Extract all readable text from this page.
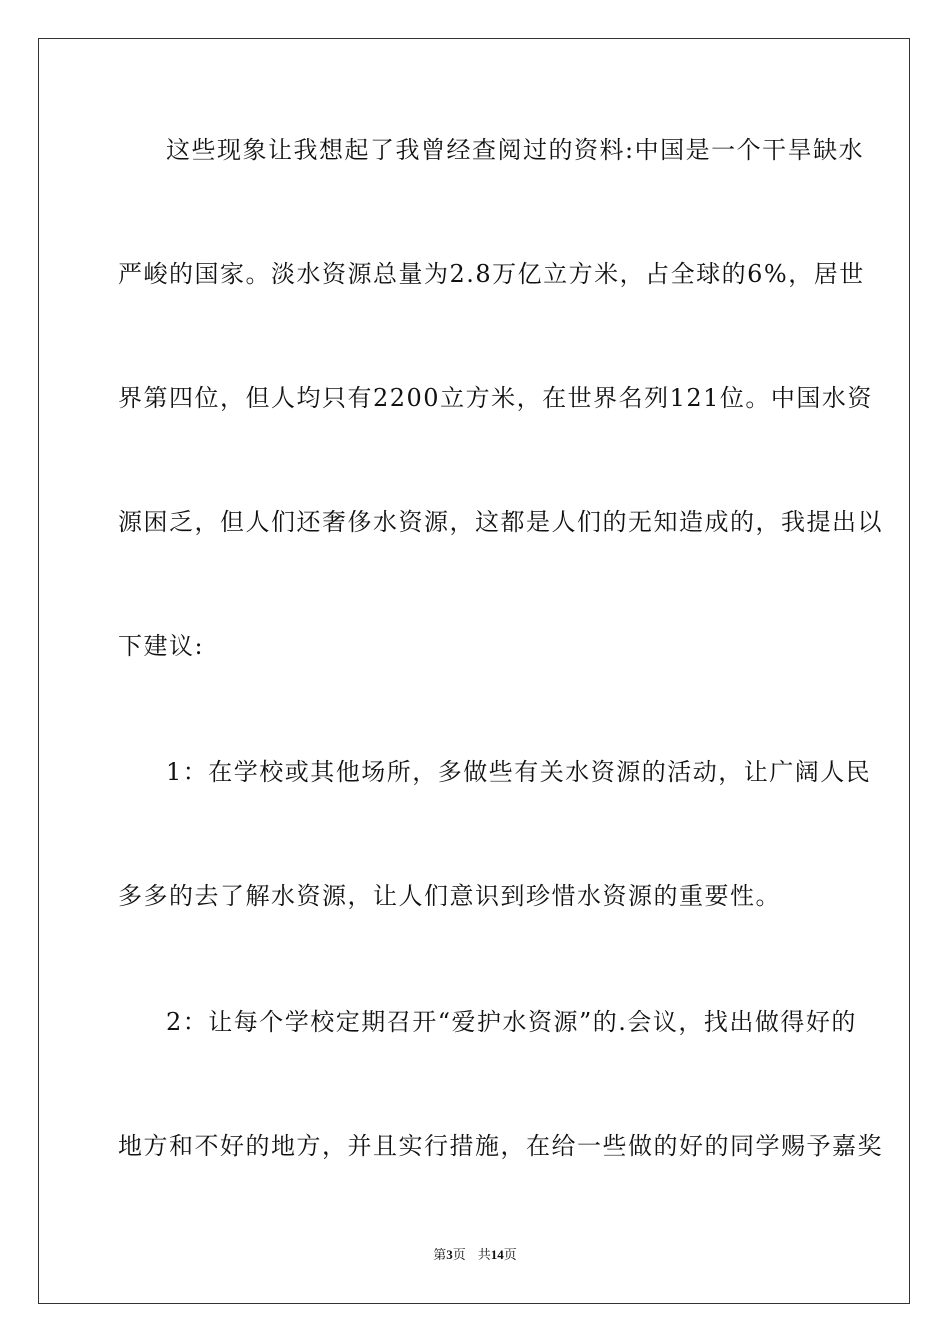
这些现象让我想起了我曾经查阅过的资料:中国是一个干旱缺水
严峻的国家。淡水资源总量为2.8万亿立方米，占全球的6%，居世
界第四位，但人均只有2200立方米，在世界名列121位。中国水资
源困乏，但人们还奢侈水资源，这都是人们的无知造成的，我提出以
下建议:
1：在学校或其他场所，多做些有关水资源的活动，让广阔人民
多多的去了解水资源，让人们意识到珍惜水资源的重要性。
2：让每个学校定期召开“爱护水资源”的.会议，找出做得好的
地方和不好的地方，并且实行措施，在给一些做的好的同学赐予嘉奖
第3页 共14页
